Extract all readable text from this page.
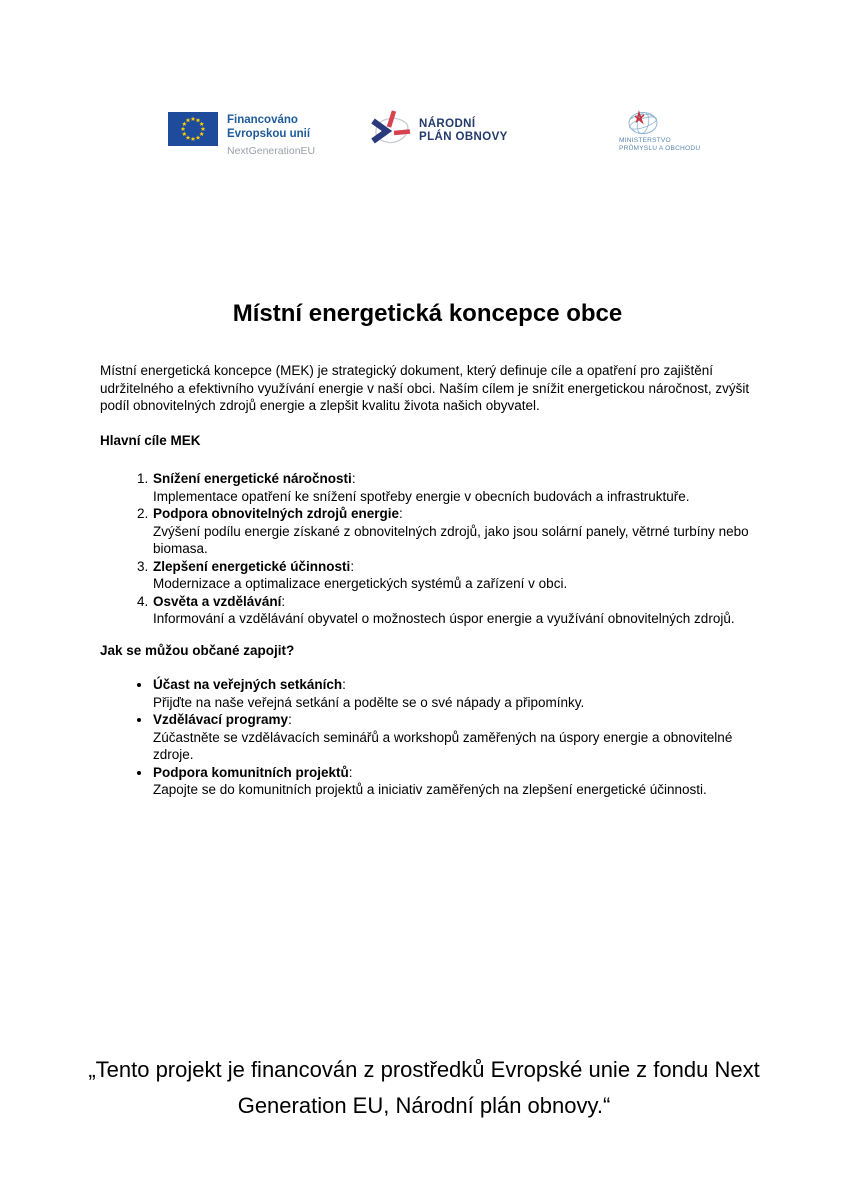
Financováno
Evropskou unií
NextGenerationEU
NÁRODNÍ
PLÁN OBNOVY	MINISTERSTVO
PRŮMYSLU A OBCHODU
Místní energetická koncepce obce

Místní energetická koncepce (MEK) je strategický dokument, který definuje cíle a opatření pro zajištění udržitelného a efektivního využívání energie v naší obci. Naším cílem je snížit energetickou náročnost, zvýšit podíl obnovitelných zdrojů energie a zlepšit kvalitu života našich obyvatel.

Hlavní cíle MEK
1. Snížení energetické náročnosti:
Implementace opatření ke snížení spotřeby energie v obecních budovách a infrastruktuře.
2. Podpora obnovitelných zdrojů energie:
Zvýšení podílu energie získané z obnovitelných zdrojů, jako jsou solární panely, větrné turbíny nebo biomasa.
3. Zlepšení energetické účinnosti:
Modernizace a optimalizace energetických systémů a zařízení v obci.
4. Osvěta a vzdělávání:
Informování a vzdělávání obyvatel o možnostech úspor energie a využívání obnovitelných zdrojů.
Jak se můžou občané zapojit?
• Účast na veřejných setkáních:
Přijďte na naše veřejná setkání a podělte se o své nápady a připomínky.
• Vzdělávací programy:
Zúčastněte se vzdělávacích seminářů a workshopů zaměřených na úspory energie a obnovitelné zdroje.
• Podpora komunitních projektů:
Zapojte se do komunitních projektů a iniciativ zaměřených na zlepšení energetické účinnosti.
„Tento projekt je financován z prostředků Evropské unie z fondu Next Generation EU, Národní plán obnovy.“
